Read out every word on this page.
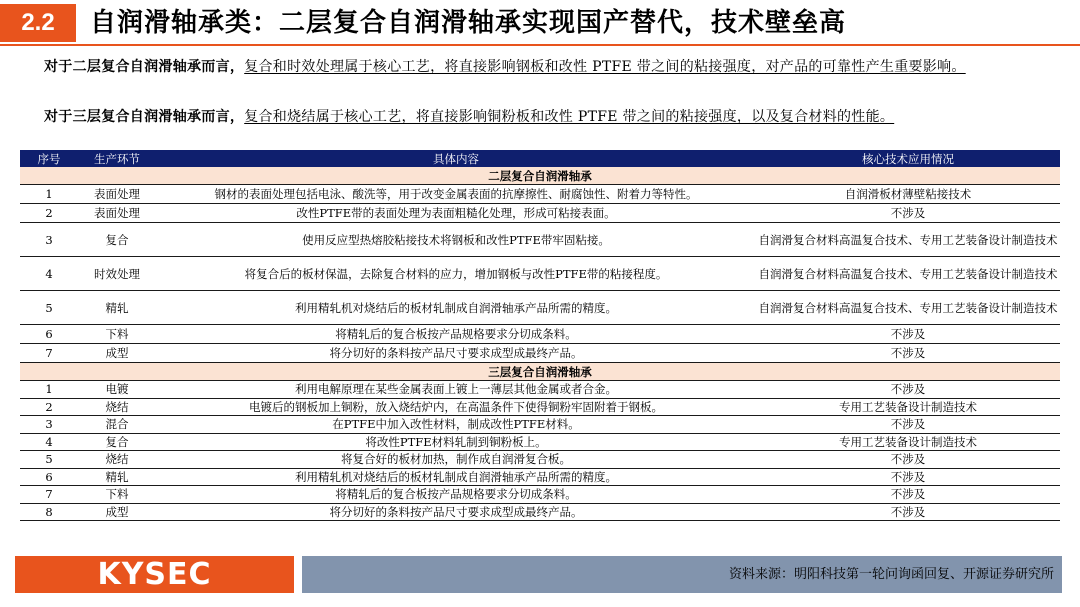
2.2	自润滑轴承类：二层复合自润滑轴承实现国产替代，技术壁垒高
对于二层复合自润滑轴承而言，复合和时效处理属于核心工艺，将直接影响钢板和改性 PTFE 带之间的粘接强度，对产品的可靠性产生重要影响。
对于三层复合自润滑轴承而言，复合和烧结属于核心工艺，将直接影响铜粉板和改性 PTFE 带之间的粘接强度，以及复合材料的性能。
序号	生产环节	具体内容	核心技术应用情况
二层复合自润滑轴承			
1	表面处理	钢材的表面处理包括电泳、酸洗等，用于改变金属表面的抗摩擦性、耐腐蚀性、附着力等特性。	自润滑板材薄壁粘接技术
2	表面处理	改性PTFE带的表面处理为表面粗糙化处理，形成可粘接表面。	不涉及
3	复合	使用反应型热熔胶粘接技术将钢板和改性PTFE带牢固粘接。	自润滑复合材料高温复合技术、专用工艺装备设计制造技术
4	时效处理	将复合后的板材保温，去除复合材料的应力，增加钢板与改性PTFE带的粘接程度。	自润滑复合材料高温复合技术、专用工艺装备设计制造技术
5	精轧	利用精轧机对烧结后的板材轧制成自润滑轴承产品所需的精度。	自润滑复合材料高温复合技术、专用工艺装备设计制造技术
6	下料	将精轧后的复合板按产品规格要求分切成条料。	不涉及
7	成型	将分切好的条料按产品尺寸要求成型成最终产品。	不涉及
三层复合自润滑轴承			
1	电镀	利用电解原理在某些金属表面上镀上一薄层其他金属或者合金。	不涉及
2	烧结	电镀后的钢板加上铜粉，放入烧结炉内，在高温条件下使得铜粉牢固附着于钢板。	专用工艺装备设计制造技术
3	混合	在PTFE中加入改性材料，制成改性PTFE材料。	不涉及
4	复合	将改性PTFE材料轧制到铜粉板上。	专用工艺装备设计制造技术
5	烧结	将复合好的板材加热，制作成自润滑复合板。	不涉及
6	精轧	利用精轧机对烧结后的板材轧制成自润滑轴承产品所需的精度。	不涉及
7	下料	将精轧后的复合板按产品规格要求分切成条料。	不涉及
8	成型	将分切好的条料按产品尺寸要求成型成最终产品。	不涉及
KYSEC	资料来源：明阳科技第一轮问询函回复、开源证券研究所
